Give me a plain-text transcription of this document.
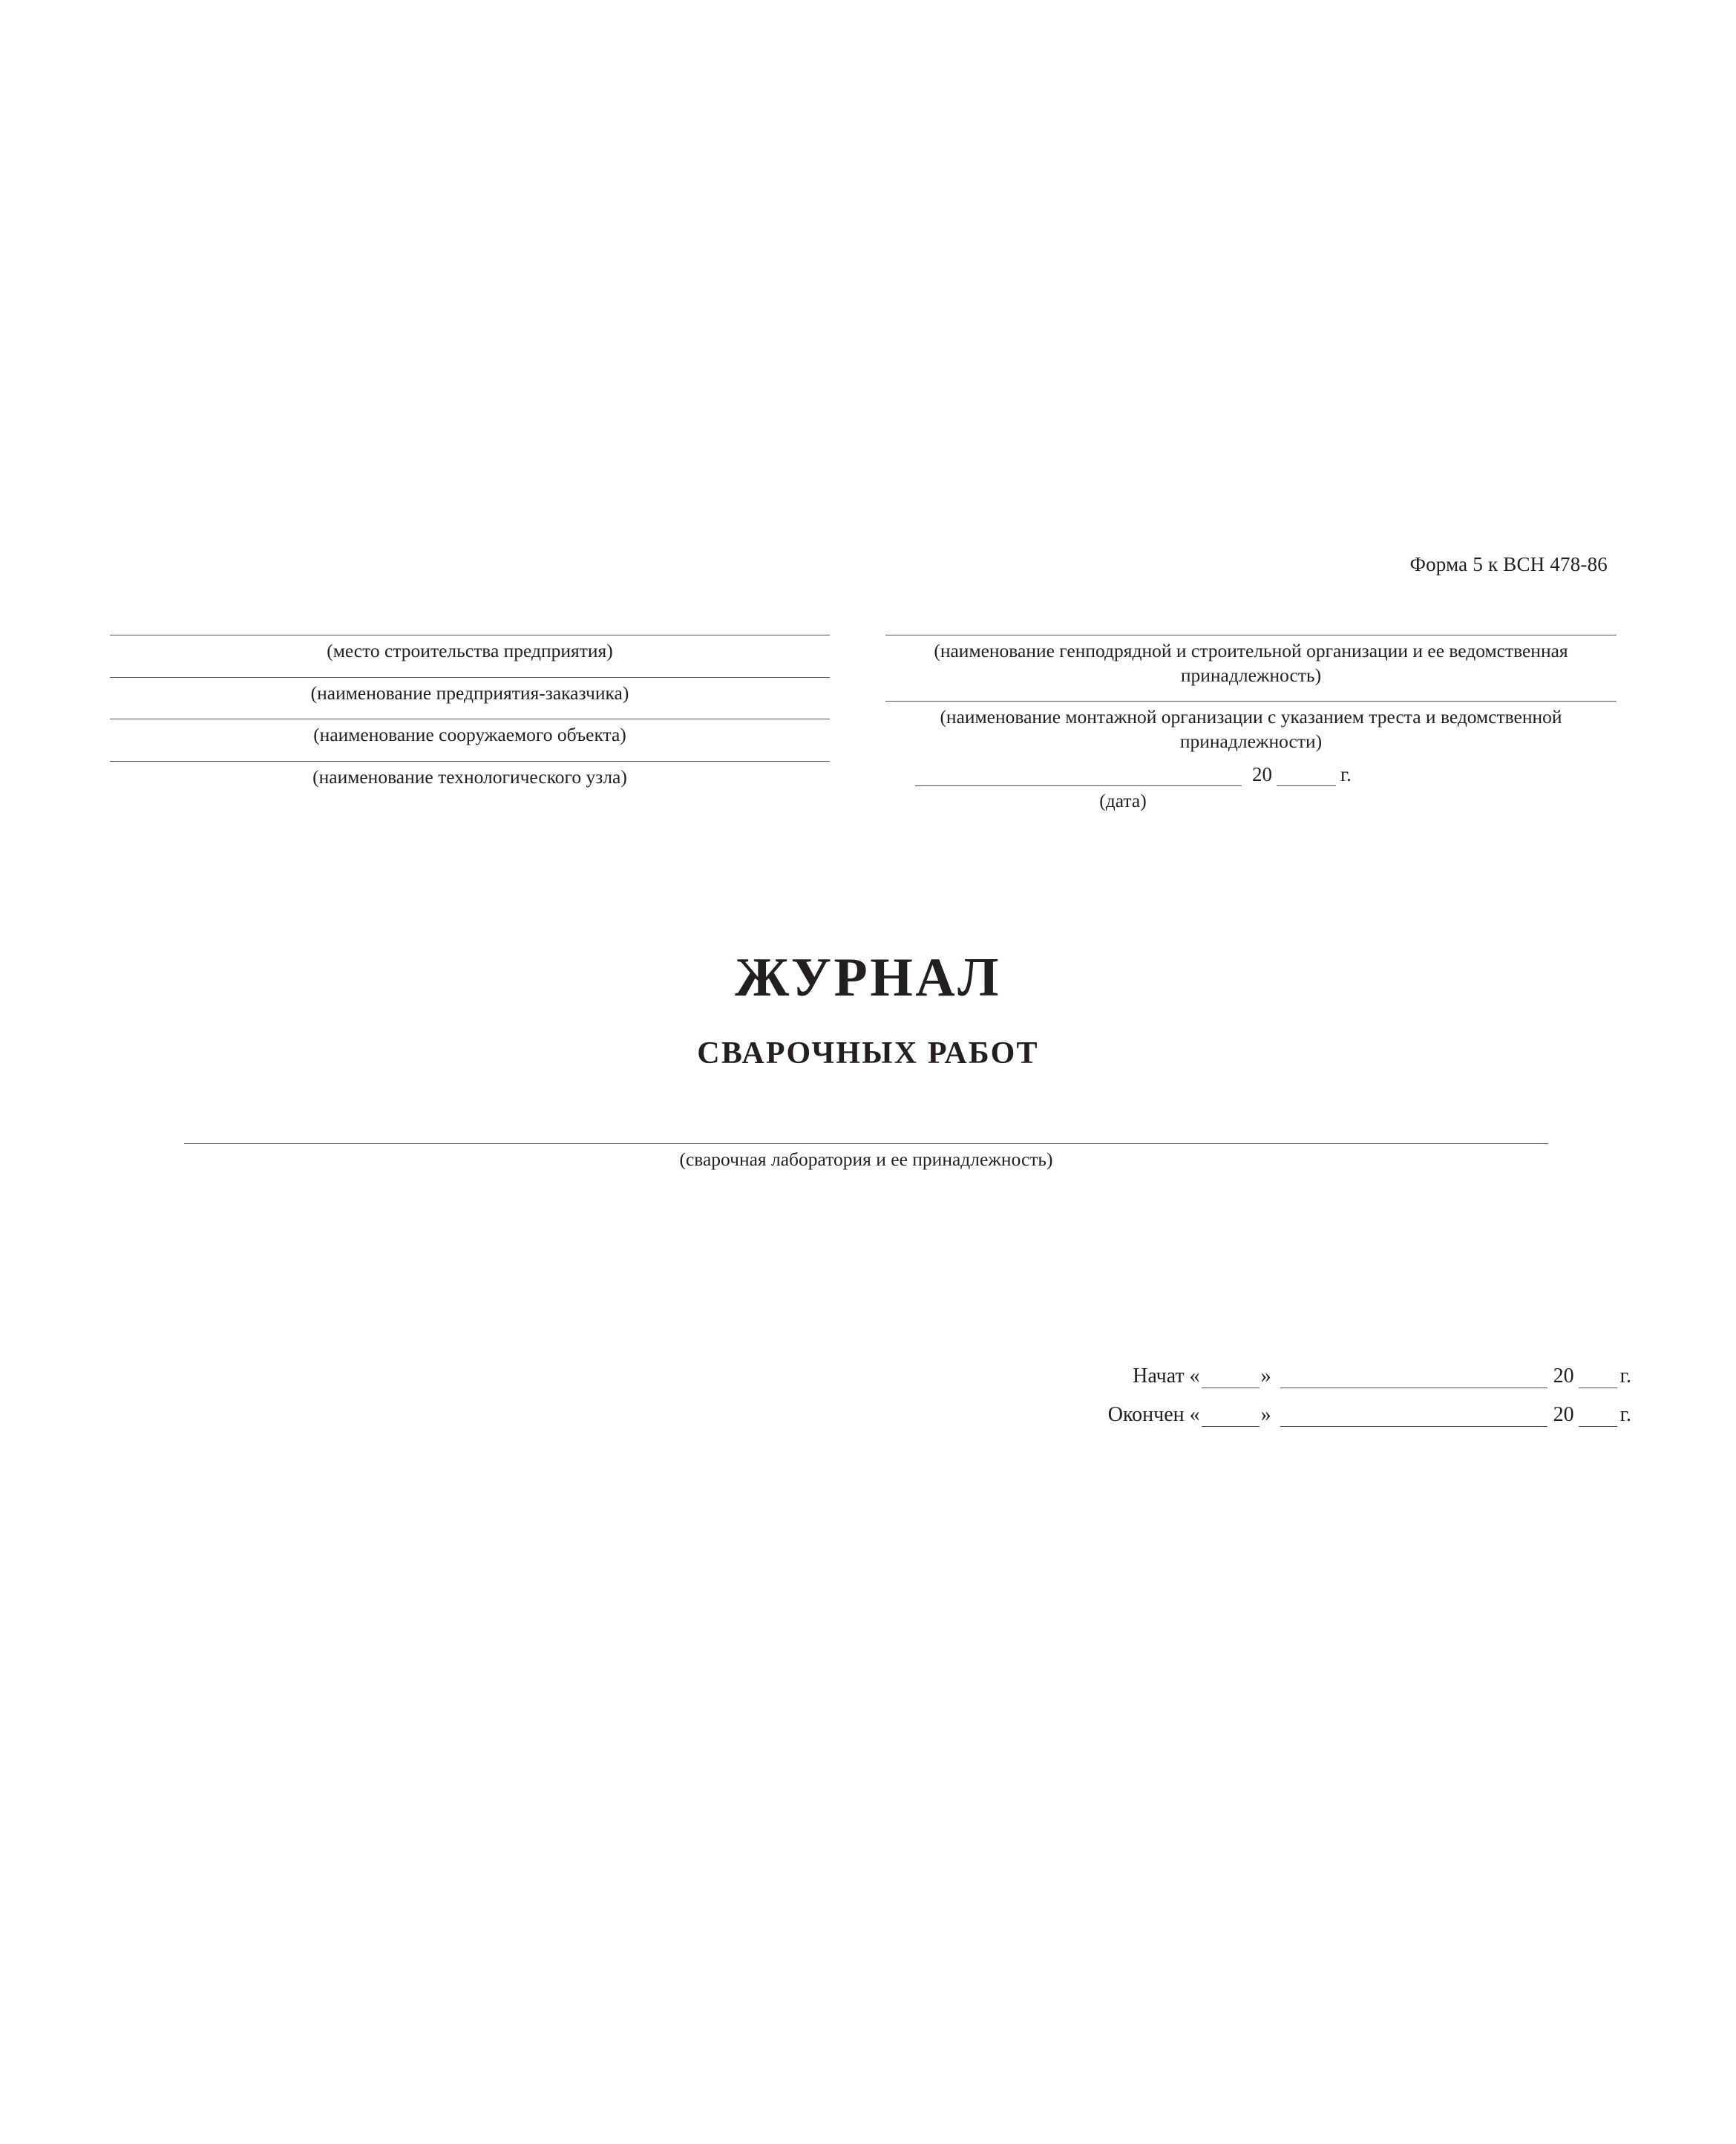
Форма 5 к ВСН 478-86
(место строительства предприятия)
(наименование предприятия-заказчика)
(наименование сооружаемого объекта)
(наименование технологического узла)
(наименование генподрядной и строительной организации и ее ведомственная принадлежность)
(наименование монтажной организации с указанием треста и ведомственной принадлежности)
20	г.
(дата)
ЖУРНАЛ
СВАРОЧНЫХ РАБОТ
(сварочная лаборатория и ее принадлежность)
Начат «	»	20 г.
Окончен «	»	20 г.
